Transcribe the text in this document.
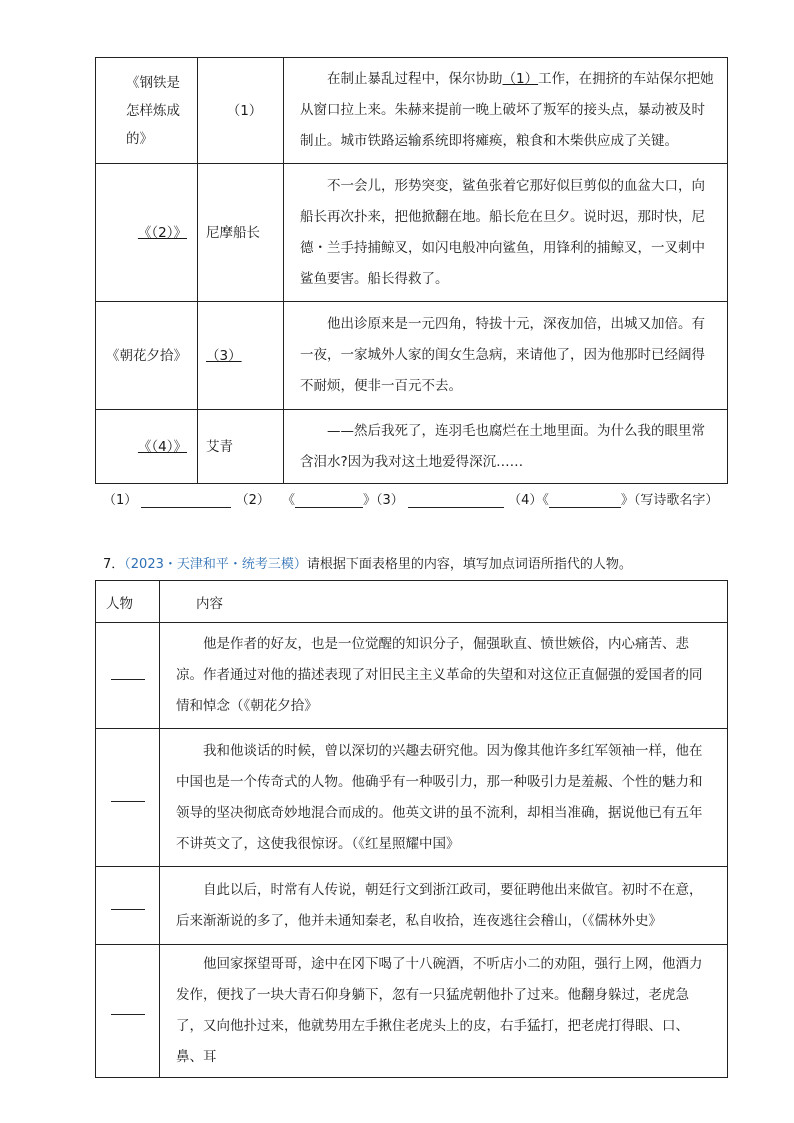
《钢铁是怎样炼成的》	（1）	在制止暴乱过程中，保尔协助（1）工作，在拥挤的车站保尔把她从窗口拉上来。朱赫来提前一晚上破坏了叛军的接头点，暴动被及时制止。城市铁路运输系统即将瘫痪，粮食和木柴供应成了关键。
《（2）》	尼摩船长	不一会儿，形势突变，鲨鱼张着它那好似巨剪似的血盆大口，向船长再次扑来，把他掀翻在地。船长危在旦夕。说时迟，那时快，尼德・兰手持捕鲸叉，如闪电般冲向鲨鱼，用锋利的捕鲸叉，一叉刺中鲨鱼要害。船长得救了。
《朝花夕拾》	（3）	他出诊原来是一元四角，特拔十元，深夜加倍，出城又加倍。有一夜，一家城外人家的闺女生急病，来请他了，因为他那时已经阔得不耐烦，便非一百元不去。
《（4）》	艾青	——然后我死了，连羽毛也腐烂在土地里面。为什么我的眼里常含泪水?因为我对这土地爱得深沉……
（1）	（2） 《	》（3）	（4）《	》（写诗歌名字）
7．（2023・天津和平・统考三模）请根据下面表格里的内容，填写加点词语所指代的人物。
人物	内容
	他是作者的好友，也是一位觉醒的知识分子，倔强耿直、愤世嫉俗，内心痛苦、悲凉。作者通过对他的描述表现了对旧民主主义革命的失望和对这位正直倔强的爱国者的同情和悼念（《朝花夕拾》
	我和他谈话的时候，曾以深切的兴趣去研究他。因为像其他许多红军领袖一样，他在中国也是一个传奇式的人物。他确乎有一种吸引力，那一种吸引力是羞赧、个性的魅力和领导的坚决彻底奇妙地混合而成的。他英文讲的虽不流利，却相当准确，据说他已有五年不讲英文了，这使我很惊讶。（《红星照耀中国》
	自此以后，时常有人传说，朝廷行文到浙江政司，要征聘他出来做官。初时不在意，后来渐渐说的多了，他并未通知秦老，私自收拾，连夜逃往会稽山，（《儒林外史》
	他回家探望哥哥，途中在冈下喝了十八碗酒，不听店小二的劝阻，强行上网，他酒力发作，便找了一块大青石仰身躺下，忽有一只猛虎朝他扑了过来。他翻身躲过，老虎急了，又向他扑过来，他就势用左手揪住老虎头上的皮，右手猛打，把老虎打得眼、口、鼻、耳
